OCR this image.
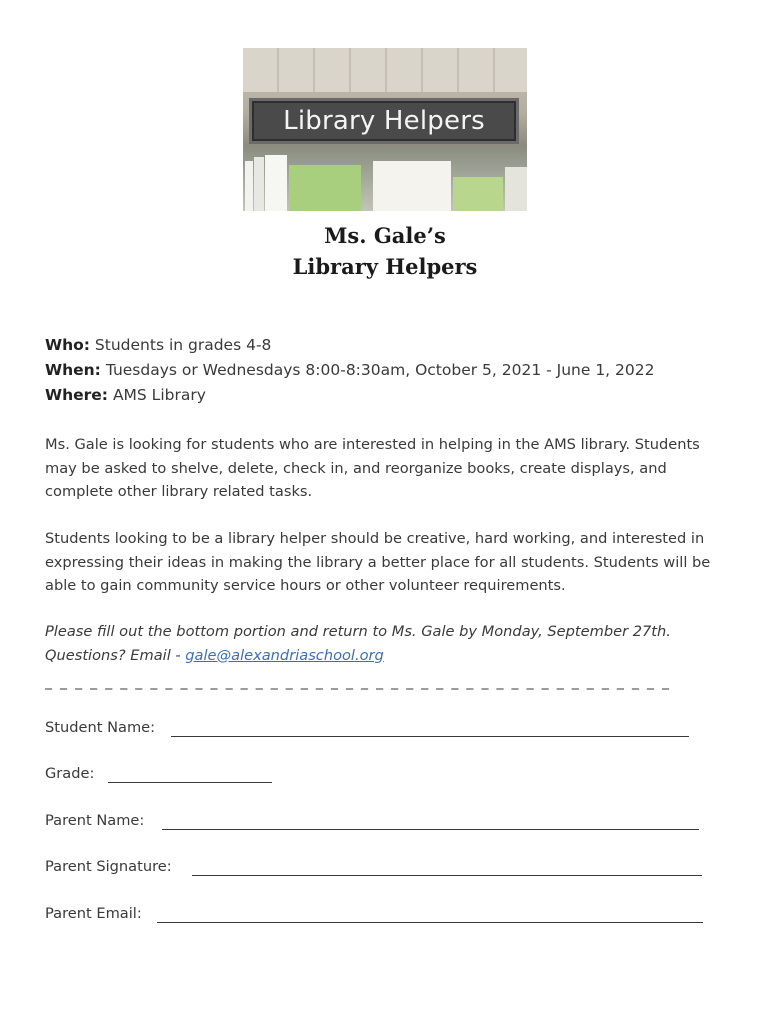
Library Helpers
Ms. Gale’s
Library Helpers
Who: Students in grades 4-8
When: Tuesdays or Wednesdays 8:00-8:30am, October 5, 2021 - June 1, 2022
Where: AMS Library
Ms. Gale is looking for students who are interested in helping in the AMS library. Students may be asked to shelve, delete, check in, and reorganize books, create displays, and complete other library related tasks.
Students looking to be a library helper should be creative, hard working, and interested in expressing their ideas in making the library a better place for all students. Students will be able to gain community service hours or other volunteer requirements.
Please fill out the bottom portion and return to Ms. Gale by Monday, September 27th.
Questions? Email - gale@alexandriaschool.org
_ _ _ _ _ _ _ _ _ _ _ _ _ _ _ _ _ _ _ _ _ _ _ _ _ _ _ _ _ _ _ _ _ _ _ _ _ _ _ _ _ _
Student Name:
Grade:
Parent Name:
Parent Signature:
Parent Email:
